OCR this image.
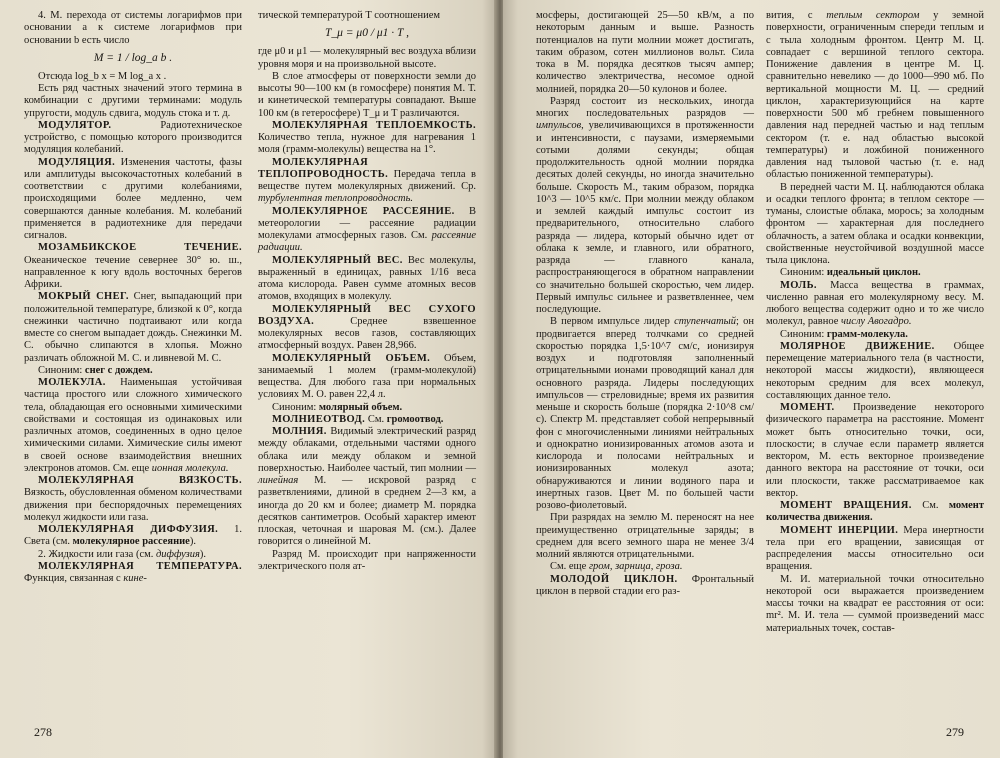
4. М. перехода от системы логарифмов при основании a к системе логарифмов при основании b есть число

M = 1 / log_a b .

Отсюда log_b x = M log_a x .

Есть ряд частных значений этого термина в комбинации с другими терминами: модуль упругости, модуль сдвига, модуль стока и т. д.

МОДУЛЯТОР. Радиотехническое устройство, с помощью которого производится модуляция колебаний.

МОДУЛЯЦИЯ. Изменения частоты, фазы или амплитуды высокочастотных колебаний в соответствии с другими колебаниями, происходящими более медленно, чем совершаются данные колебания. М. колебаний применяется в радиотехнике для передачи сигналов.

МОЗАМБИКСКОЕ ТЕЧЕНИЕ. Океаническое течение севернее 30° ю. ш., направленное к югу вдоль восточных берегов Африки.

МОКРЫЙ СНЕГ. Снег, выпадающий при положительной температуре, близкой к 0°, когда снежинки частично подтаивают или когда вместе со снегом выпадает дождь. Снежинки М. С. обычно слипаются в хлопья. Можно различать обложной М. С. и ливневой М. С.

Синоним: снег с дождем.

МОЛЕКУЛА. Наименьшая устойчивая частица простого или сложного химического тела, обладающая его основными химическими свойствами и состоящая из одинаковых или различных атомов, соединенных в одно целое химическими силами. Химические силы имеют в своей основе взаимодействия внешних электронов атомов. См. еще ионная молекула.

МОЛЕКУЛЯРНАЯ ВЯЗКОСТЬ. Вязкость, обусловленная обменом количествами движения при беспорядочных перемещениях молекул жидкости или газа.

МОЛЕКУЛЯРНАЯ ДИФФУЗИЯ. 1. Света (см. молекулярное рассеяние).

2. Жидкости или газа (см. диффузия).

МОЛЕКУЛЯРНАЯ ТЕМПЕРАТУРА. Функция, связанная с кине-

тической температурой T соотношением

T_μ = μ0 / μ1 · T ,

где μ0 и μ1 — молекулярный вес воздуха вблизи уровня моря и на произвольной высоте.

В слое атмосферы от поверхности земли до высоты 90—100 км (в гомосфере) понятия М. Т. и кинетической температуры совпадают. Выше 100 км (в гетеросфере) T_μ и T различаются.

МОЛЕКУЛЯРНАЯ ТЕПЛОЕМКОСТЬ. Количество тепла, нужное для нагревания 1 моля (грамм-молекулы) вещества на 1°.

МОЛЕКУЛЯРНАЯ ТЕПЛОПРОВОДНОСТЬ. Передача тепла в веществе путем молекулярных движений. Ср. турбулентная теплопроводность.

МОЛЕКУЛЯРНОЕ РАССЕЯНИЕ. В метеорологии — рассеяние радиации молекулами атмосферных газов. См. рассеяние радиации.

МОЛЕКУЛЯРНЫЙ ВЕС. Вес молекулы, выраженный в единицах, равных 1/16 веса атома кислорода. Равен сумме атомных весов атомов, входящих в молекулу.

МОЛЕКУЛЯРНЫЙ ВЕС СУХОГО ВОЗДУХА. Среднее взвешенное молекулярных весов газов, составляющих атмосферный воздух. Равен 28,966.

МОЛЕКУЛЯРНЫЙ ОБЪЕМ. Объем, занимаемый 1 молем (грамм-молекулой) вещества. Для любого газа при нормальных условиях М. О. равен 22,4 л.

Синоним: молярный объем.

МОЛНИЕОТВОД. См. громоотвод.

МОЛНИЯ. Видимый электрический разряд между облаками, отдельными частями одного облака или между облаком и земной поверхностью. Наиболее частый, тип молнии — линейная М. — искровой разряд с разветвлениями, длиной в среднем 2—3 км, а иногда до 20 км и более; диаметр М. порядка десятков сантиметров. Особый характер имеют плоская, четочная и шаровая М. (см.). Далее говорится о линейной М.

Разряд М. происходит при напряженности электрического поля ат-

278

мосферы, достигающей 25—50 кВ/м, а по некоторым данным и выше. Разность потенциалов на пути молнии может достигать, таким образом, сотен миллионов вольт. Сила тока в М. порядка десятков тысяч ампер; количество электричества, несомое одной молнией, порядка 20—50 кулонов и более.

Разряд состоит из нескольких, иногда многих последовательных разрядов — импульсов, увеличивающихся в протяженности и интенсивности, с паузами, измеряемыми сотыми долями секунды; общая продолжительность одной молнии порядка десятых долей секунды, но иногда значительно больше. Скорость М., таким образом, порядка 10^3 — 10^5 км/с. При молнии между облаком и землей каждый импульс состоит из предварительного, относительно слабого разряда — лидера, который обычно идет от облака к земле, и главного, или обратного, разряда — главного канала, распространяющегося в обратном направлении со значительно большей скоростью, чем лидер. Первый импульс сильнее и разветвленнее, чем последующие.

В первом импульсе лидер ступенчатый; он продвигается вперед толчками со средней скоростью порядка 1,5·10^7 см/с, ионизируя воздух и подготовляя заполненный отрицательными ионами проводящий канал для основного разряда. Лидеры последующих импульсов — стреловидные; время их развития меньше и скорость больше (порядка 2·10^8 см/с). Спектр М. представляет собой непрерывный фон с многочисленными линиями нейтральных и однократно ионизированных атомов азота и кислорода и полосами нейтральных и ионизированных молекул азота; обнаруживаются и линии водяного пара и инертных газов. Цвет М. по большей части розово-фиолетовый.

При разрядах на землю М. переносят на нее преимущественно отрицательные заряды; в среднем для всего земного шара не менее 3/4 молний являются отрицательными.

См. еще гром, зарница, гроза.

МОЛОДОЙ ЦИКЛОН. Фронтальный циклон в первой стадии его раз-

вития, с теплым сектором у земной поверхности, ограниченным спереди теплым и с тыла холодным фронтом. Центр М. Ц. совпадает с вершиной теплого сектора. Понижение давления в центре М. Ц. сравнительно невелико — до 1000—990 мб. По вертикальной мощности М. Ц. — средний циклон, характеризующийся на карте поверхности 500 мб гребнем повышенного давления над передней частью и над теплым сектором (т. е. над областью высокой температуры) и ложбиной пониженного давления над тыловой частью (т. е. над областью пониженной температуры).

В передней части М. Ц. наблюдаются облака и осадки теплого фронта; в теплом секторе — туманы, слоистые облака, морось; за холодным фронтом — характерная для последнего облачность, а затем облака и осадки конвекции, свойственные неустойчивой воздушной массе тыла циклона.

Синоним: идеальный циклон.

МОЛЬ. Масса вещества в граммах, численно равная его молекулярному весу. М. любого вещества содержит одно и то же число молекул, равное числу Авогадро.

Синоним: грамм-молекула.

МОЛЯРНОЕ ДВИЖЕНИЕ. Общее перемещение материального тела (в частности, некоторой массы жидкости), являющееся некоторым средним для всех молекул, составляющих данное тело.

МОМЕНТ. Произведение некоторого физического параметра на расстояние. Момент может быть относительно точки, оси, плоскости; в случае если параметр является вектором, М. есть векторное произведение данного вектора на расстояние от точки, оси или плоскости, также рассматриваемое как вектор.

МОМЕНТ ВРАЩЕНИЯ. См. момент количества движения.

МОМЕНТ ИНЕРЦИИ. Мера инертности тела при его вращении, зависящая от распределения массы относительно оси вращения.

М. И. материальной точки относительно некоторой оси выражается произведением массы точки на квадрат ее расстояния от оси: mr². М. И. тела — суммой произведений масс материальных точек, состав-

279
